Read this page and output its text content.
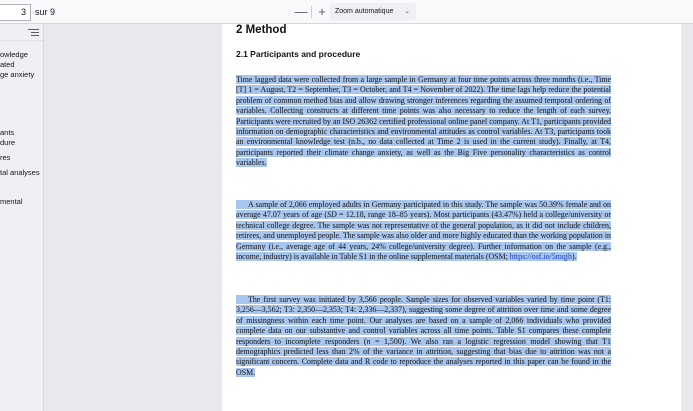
3	sur 9	— +	Zoom automatique ⌄
owledge
ated
ge anxiety
ants
dure
res
tal analyses
mental
2 Method
2.1 Participants and procedure
Time lagged data were collected from a large sample in Germany at four time points across three months (i.e., Time [T] 1 = August, T2 = September, T3 = October, and T4 = November of 2022). The time lags help reduce the potential problem of common method bias and allow drawing stronger inferences regarding the assumed temporal ordering of variables. Collecting constructs at different time points was also necessary to reduce the length of each survey. Participants were recruited by an ISO 26362 certified professional online panel company. At T1, participants provided information on demographic characteristics and environmental attitudes as control variables. At T3, participants took an environmental knowledge test (n.b., no data collected at Time 2 is used in the current study). Finally, at T4, participants reported their climate change anxiety, as well as the Big Five personality characteristics as control variables.
A sample of 2,066 employed adults in Germany participated in this study. The sample was 50.39% female and on average 47.07 years of age (SD = 12.18, range 18–85 years). Most participants (43.47%) held a college/university or technical college degree. The sample was not representative of the general population, as it did not include children, retirees, and unemployed people. The sample was also older and more highly educated than the working population in Germany (i.e., average age of 44 years, 24% college/university degree). Further information on the sample (e.g., income, industry) is available in Table S1 in the online supplemental materials (OSM; https://osf.io/5mqjh).
The first survey was initiated by 3,566 people. Sample sizes for observed variables varied by time point (T1: 3,256—3,562; T3: 2,350—2,353; T4: 2,336—2,337), suggesting some degree of attrition over time and some degree of missingness within each time point. Our analyses are based on a sample of 2,066 individuals who provided complete data on our substantive and control variables across all time points. Table S1 compares these complete responders to incomplete responders (n = 1,500). We also ran a logistic regression model showing that T1 demographics predicted less than 2% of the variance in attrition, suggesting that bias due to attrition was not a significant concern. Complete data and R code to reproduce the analyses reported in this paper can be found in the OSM.
